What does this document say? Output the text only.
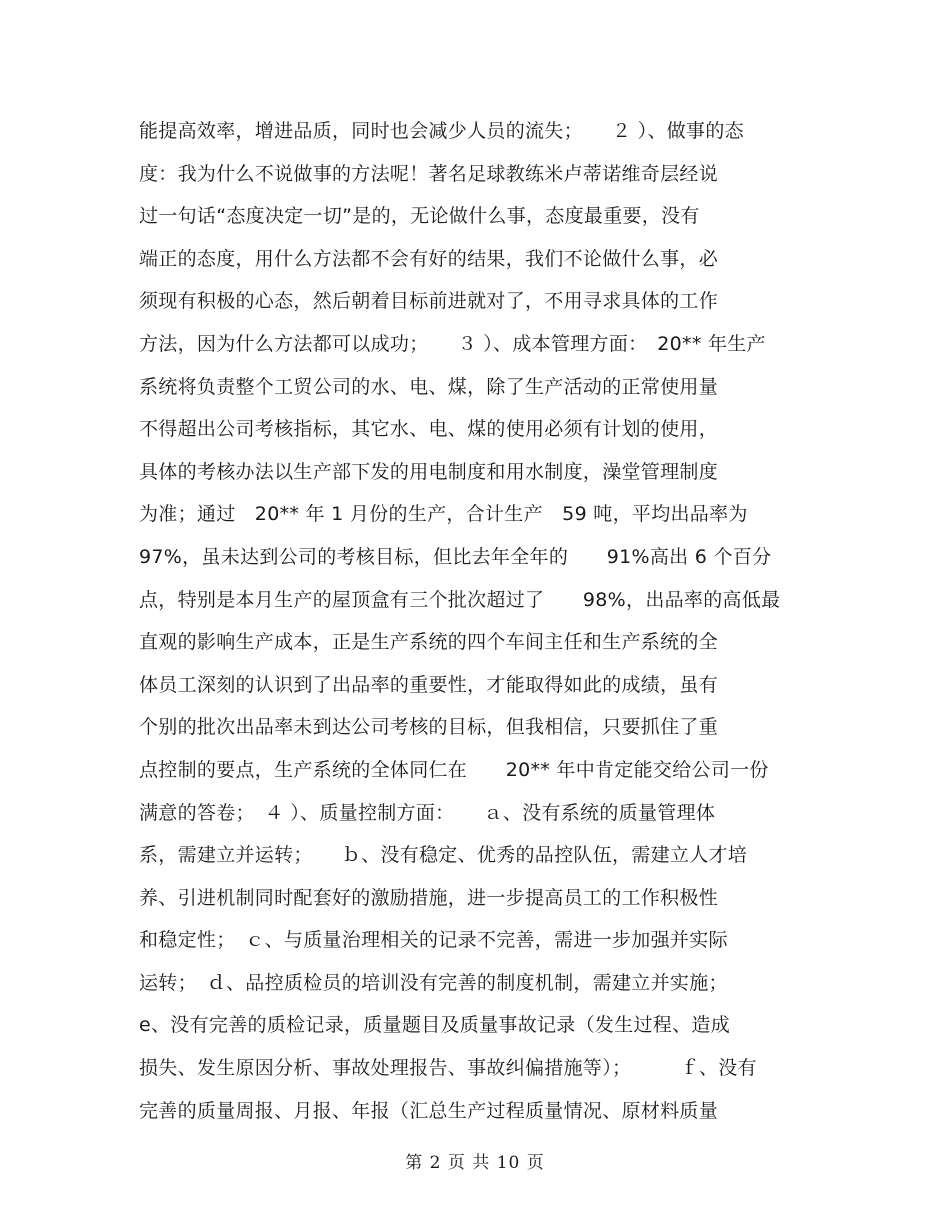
能提高效率，增进品质，同时也会减少人员的流失；　　２ ）、做事的态
度：我为什么不说做事的方法呢！著名足球教练米卢蒂诺维奇层经说
过一句话“态度决定一切”是的，无论做什么事，态度最重要，没有
端正的态度，用什么方法都不会有好的结果，我们不论做什么事，必
须现有积极的心态，然后朝着目标前进就对了，不用寻求具体的工作
方法，因为什么方法都可以成功；　　３ ）、成本管理方面：　20** 年生产
系统将负责整个工贸公司的水、电、煤，除了生产活动的正常使用量
不得超出公司考核指标，其它水、电、煤的使用必须有计划的使用，
具体的考核办法以生产部下发的用电制度和用水制度，澡堂管理制度
为准；通过　20** 年 1 月份的生产，合计生产　59 吨，平均出品率为
97%，虽未达到公司的考核目标，但比去年全年的　　91%高出 6 个百分
点，特别是本月生产的屋顶盒有三个批次超过了　　98%，出品率的高低最
直观的影响生产成本，正是生产系统的四个车间主任和生产系统的全
体员工深刻的认识到了出品率的重要性，才能取得如此的成绩，虽有
个别的批次出品率未到达公司考核的目标，但我相信，只要抓住了重
点控制的要点，生产系统的全体同仁在　　20** 年中肯定能交给公司一份
满意的答卷；　４ ）、质量控制方面：　　ａ、没有系统的质量管理体
系，需建立并运转；　　ｂ、没有稳定、优秀的品控队伍，需建立人才培
养、引进机制同时配套好的激励措施，进一步提高员工的工作积极性
和稳定性；　ｃ、与质量治理相关的记录不完善，需进一步加强并实际
运转；　ｄ、品控质检员的培训没有完善的制度机制，需建立并实施；
e、没有完善的质检记录，质量题目及质量事故记录（发生过程、造成
损失、发生原因分析、事故处理报告、事故纠偏措施等）；　　　ｆ、没有
完善的质量周报、月报、年报（汇总生产过程质量情况、原材料质量
第 2 页 共 10 页
